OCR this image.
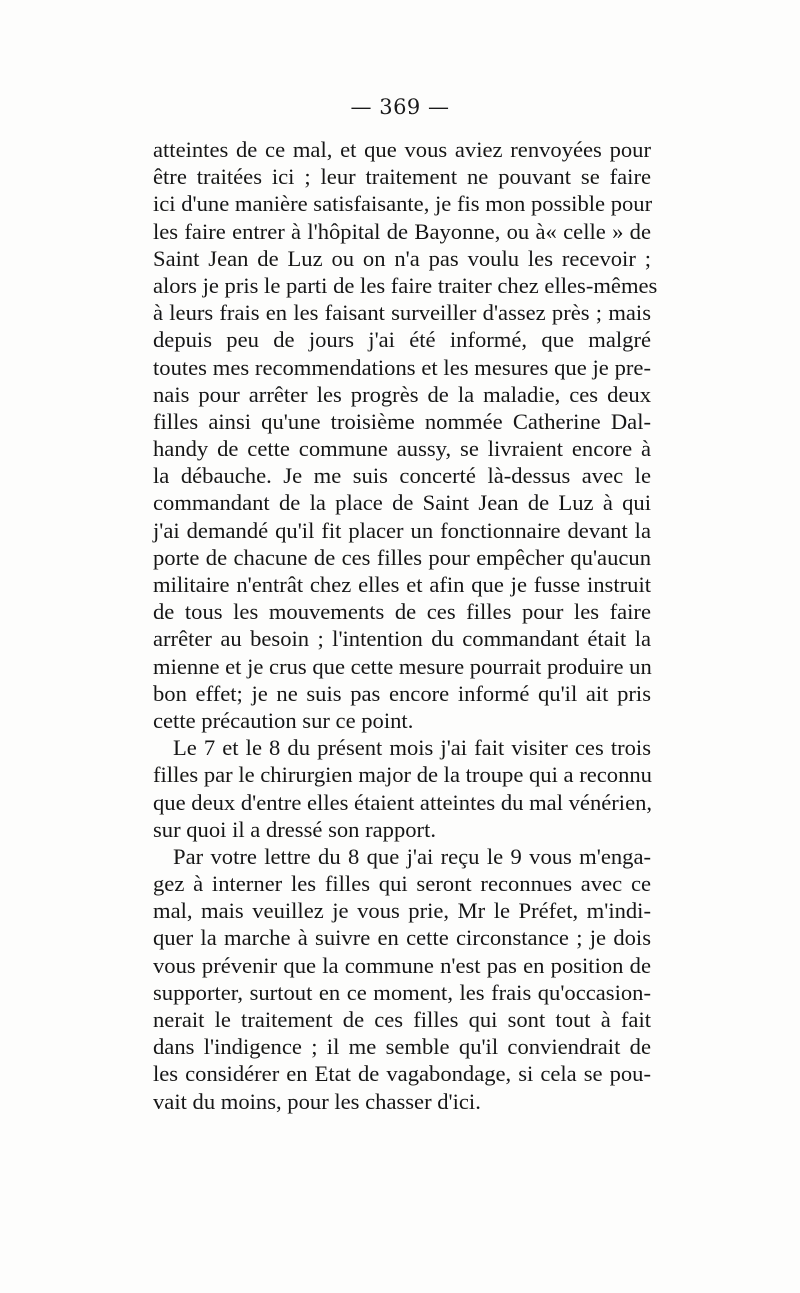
— 369 —
atteintes de ce mal, et que vous aviez renvoyées pour
être traitées ici ; leur traitement ne pouvant se faire
ici d'une manière satisfaisante, je fis mon possible pour
les faire entrer à l'hôpital de Bayonne, ou à« celle » de
Saint Jean de Luz ou on n'a pas voulu les recevoir ;
alors je pris le parti de les faire traiter chez elles-mêmes
à leurs frais en les faisant surveiller d'assez près ; mais
depuis peu de jours j'ai été informé, que malgré
toutes mes recommendations et les mesures que je pre-
nais pour arrêter les progrès de la maladie, ces deux
filles ainsi qu'une troisième nommée Catherine Dal-
handy de cette commune aussy, se livraient encore à
la débauche. Je me suis concerté là-dessus avec le
commandant de la place de Saint Jean de Luz à qui
j'ai demandé qu'il fit placer un fonctionnaire devant la
porte de chacune de ces filles pour empêcher qu'aucun
militaire n'entrât chez elles et afin que je fusse instruit
de tous les mouvements de ces filles pour les faire
arrêter au besoin ; l'intention du commandant était la
mienne et je crus que cette mesure pourrait produire un
bon effet; je ne suis pas encore informé qu'il ait pris
cette précaution sur ce point.
Le 7 et le 8 du présent mois j'ai fait visiter ces trois
filles par le chirurgien major de la troupe qui a reconnu
que deux d'entre elles étaient atteintes du mal vénérien,
sur quoi il a dressé son rapport.
Par votre lettre du 8 que j'ai reçu le 9 vous m'enga-
gez à interner les filles qui seront reconnues avec ce
mal, mais veuillez je vous prie, Mr le Préfet, m'indi-
quer la marche à suivre en cette circonstance ; je dois
vous prévenir que la commune n'est pas en position de
supporter, surtout en ce moment, les frais qu'occasion-
nerait le traitement de ces filles qui sont tout à fait
dans l'indigence ; il me semble qu'il conviendrait de
les considérer en Etat de vagabondage, si cela se pou-
vait du moins, pour les chasser d'ici.
